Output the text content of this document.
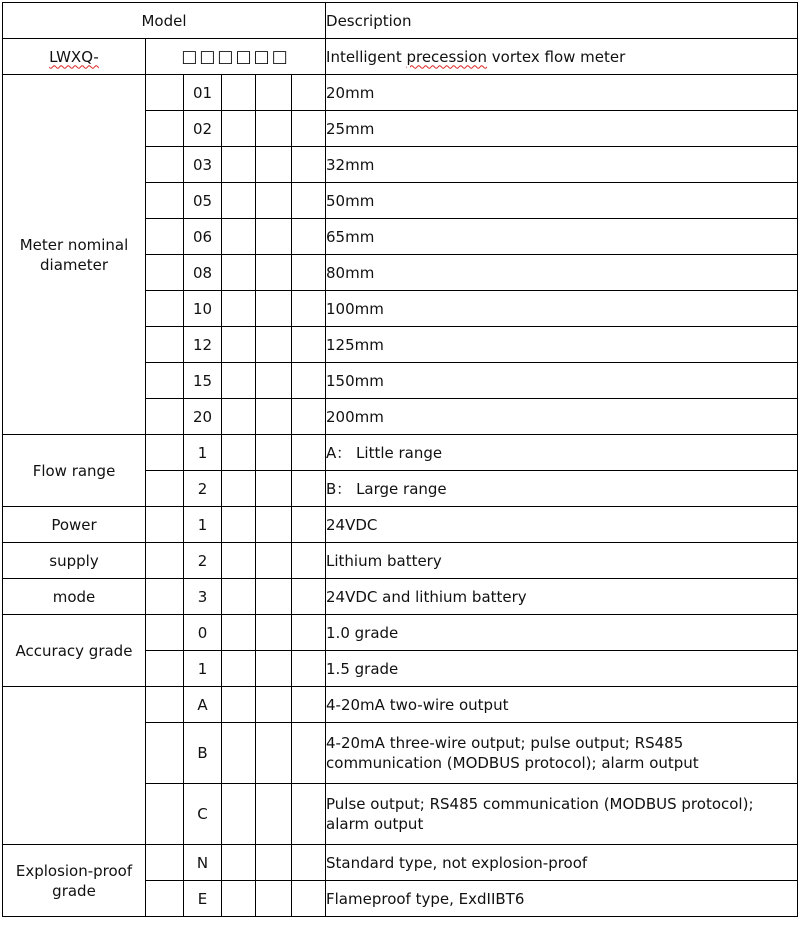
Model						Description
LWXQ-	□□□□□□					Intelligent precession vortex flow meter
Meter nominal
diameter		01				20mm
		02				25mm
		03				32mm
		05				50mm
		06				65mm
		08				80mm
		10				100mm
		12				125mm
		15				150mm
		20				200mm
Flow range		1				A： Little range
		2				B： Large range
Power		1				24VDC
supply		2				Lithium battery
mode		3				24VDC and lithium battery
Accuracy grade		0				1.0 grade
		1				1.5 grade
		A				4-20mA two-wire output
		B				4-20mA three-wire output; pulse output; RS485 communication (MODBUS protocol); alarm output
		C				Pulse output; RS485 communication (MODBUS protocol); alarm output
Explosion-proof
grade		N				Standard type, not explosion-proof
		E				Flameproof type, ExdIIBT6
